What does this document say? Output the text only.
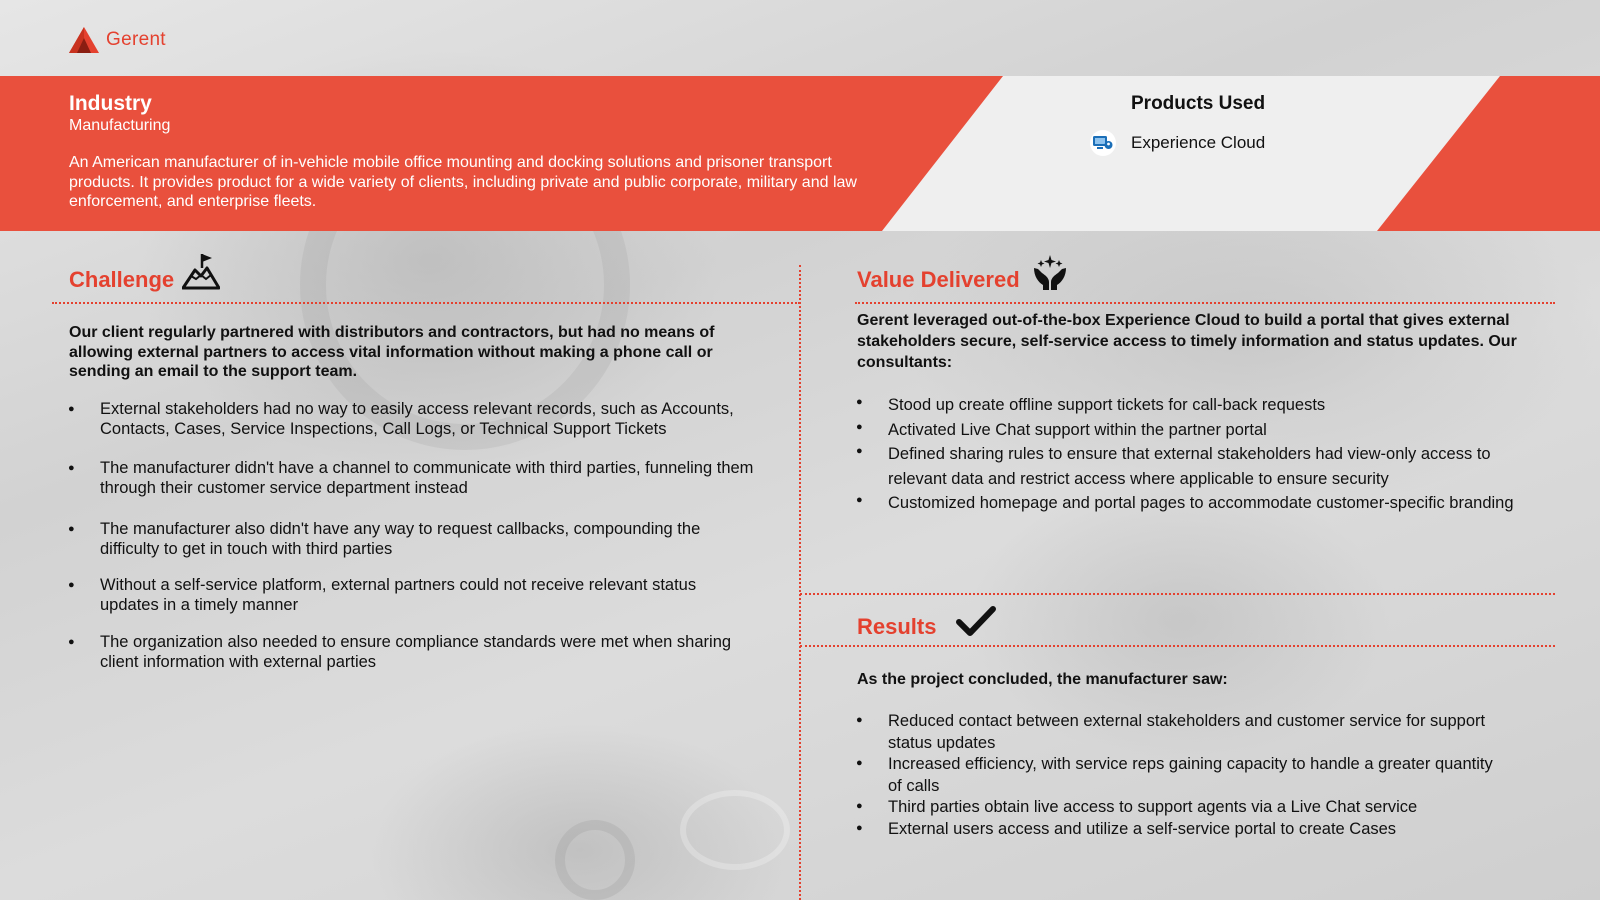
Gerent
Industry
Manufacturing
An American manufacturer of in-vehicle mobile office mounting and docking solutions and prisoner transport products. It provides product for a wide variety of clients, including private and public corporate, military and law enforcement, and enterprise fleets.
Products Used
Experience Cloud
Challenge
Our client regularly partnered with distributors and contractors, but had no means of allowing external partners to access vital information without making a phone call or sending an email to the support team.
● External stakeholders had no way to easily access relevant records, such as Accounts, Contacts, Cases, Service Inspections, Call Logs, or Technical Support Tickets
● The manufacturer didn't have a channel to communicate with third parties, funneling them through their customer service department instead
● The manufacturer also didn't have any way to request callbacks, compounding the difficulty to get in touch with third parties
● Without a self-service platform, external partners could not receive relevant status updates in a timely manner
● The organization also needed to ensure compliance standards were met when sharing client information with external parties
Value Delivered
Gerent leveraged out-of-the-box Experience Cloud to build a portal that gives external stakeholders secure, self-service access to timely information and status updates. Our consultants:
● Stood up create offline support tickets for call-back requests
● Activated Live Chat support within the partner portal
● Defined sharing rules to ensure that external stakeholders had view-only access to relevant data and restrict access where applicable to ensure security
● Customized homepage and portal pages to accommodate customer-specific branding
Results
As the project concluded, the manufacturer saw:
● Reduced contact between external stakeholders and customer service for support status updates
● Increased efficiency, with service reps gaining capacity to handle a greater quantity of calls
● Third parties obtain live access to support agents via a Live Chat service
● External users access and utilize a self-service portal to create Cases
